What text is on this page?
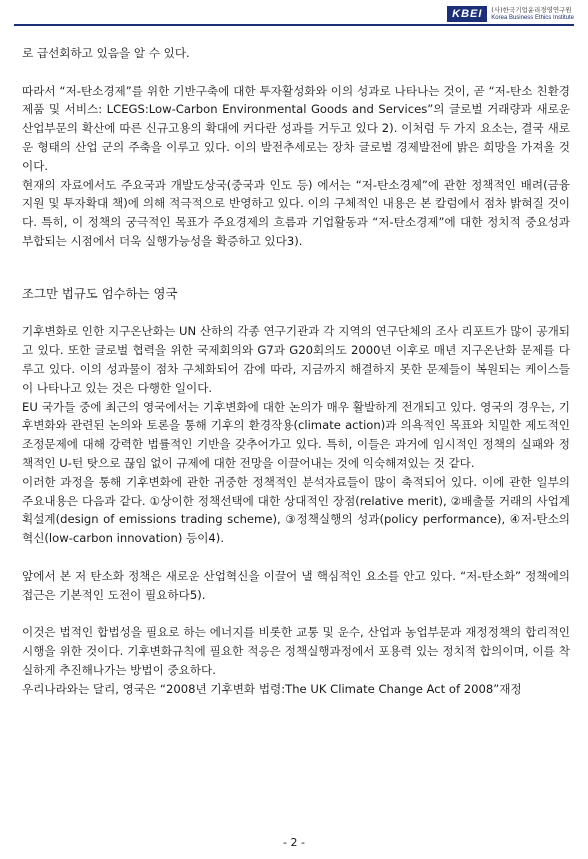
KBEI	(사)한국기업윤리경영연구원
Korea Business Ethics Institute

로 급선회하고 있음을 알 수 있다.

따라서 “저-탄소경제”를 위한 기반구축에 대한 투자활성화와 이의 성과로 나타나는 것이, 곧 “저-탄소 친환경 제품 및 서비스: LCEGS:Low-Carbon Environmental Goods and Services”의 글로벌 거래량과 새로운 산업부문의 확산에 따른 신규고용의 확대에 커다란 성과를 거두고 있다 2). 이처럼 두 가지 요소는, 결국 새로운 형태의 산업 군의 주축을 이루고 있다. 이의 발전추세로는 장차 글로벌 경제발전에 밝은 희망을 가져올 것이다.

현재의 자료에서도 주요국과 개발도상국(중국과 인도 등) 에서는 “저-탄소경제”에 관한 정책적인 배려(금융지원 및 투자확대 책)에 의해 적극적으로 반영하고 있다. 이의 구체적인 내용은 본 칼럼에서 점차 밝혀질 것이다. 특히, 이 정책의 궁극적인 목표가 주요경제의 흐름과 기업활동과 “저-탄소경제”에 대한 정치적 중요성과 부합되는 시점에서 더욱 실행가능성을 확증하고 있다3).

조그만 법규도 엄수하는 영국

기후변화로 인한 지구온난화는 UN 산하의 각종 연구기관과 각 지역의 연구단체의 조사 리포트가 많이 공개되고 있다. 또한 글로벌 협력을 위한 국제회의와 G7과 G20회의도 2000년 이후로 매년 지구온난화 문제를 다루고 있다. 이의 성과물이 점차 구체화되어 감에 따라, 지금까지 해결하지 못한 문제들이 복원되는 케이스들이 나타나고 있는 것은 다행한 일이다.

EU 국가들 중에 최근의 영국에서는 기후변화에 대한 논의가 매우 활발하게 전개되고 있다. 영국의 경우는, 기후변화와 관련된 논의와 토론을 통해 기후의 환경작용(climate action)과 의욕적인 목표와 치밀한 제도적인 조정문제에 대해 강력한 법률적인 기반을 갖추어가고 있다. 특히, 이들은 과거에 임시적인 정책의 실패와 정책적인 U-턴 탓으로 끊임 없이 규제에 대한 전망을 이끌어내는 것에 익숙해져있는 것 같다.

이러한 과정을 통해 기후변화에 관한 귀중한 정책적인 분석자료들이 많이 축적되어 있다. 이에 관한 일부의 주요내용은 다음과 같다. ①상이한 정책선택에 대한 상대적인 장점(relative merit), ②배출물 거래의 사업계획설계(design of emissions trading scheme), ③정책실행의 성과(policy performance), ④저-탄소의 혁신(low-carbon innovation) 등이4).

앞에서 본 저 탄소화 정책은 새로운 산업혁신을 이끌어 낼 핵심적인 요소를 안고 있다. “저-탄소화” 정책에의 접근은 기본적인 도전이 필요하다5).

이것은 법적인 합법성을 필요로 하는 에너지를 비롯한 교통 및 운수, 산업과 농업부문과 재정정책의 합리적인 시행을 위한 것이다. 기후변화규칙에 필요한 적응은 정책실행과정에서 포용력 있는 정치적 합의이며, 이를 착실하게 추진해나가는 방법이 중요하다.

우리나라와는 달리, 영국은 “2008년 기후변화 법령:The UK Climate Change Act of 2008”재정

- 2 -
